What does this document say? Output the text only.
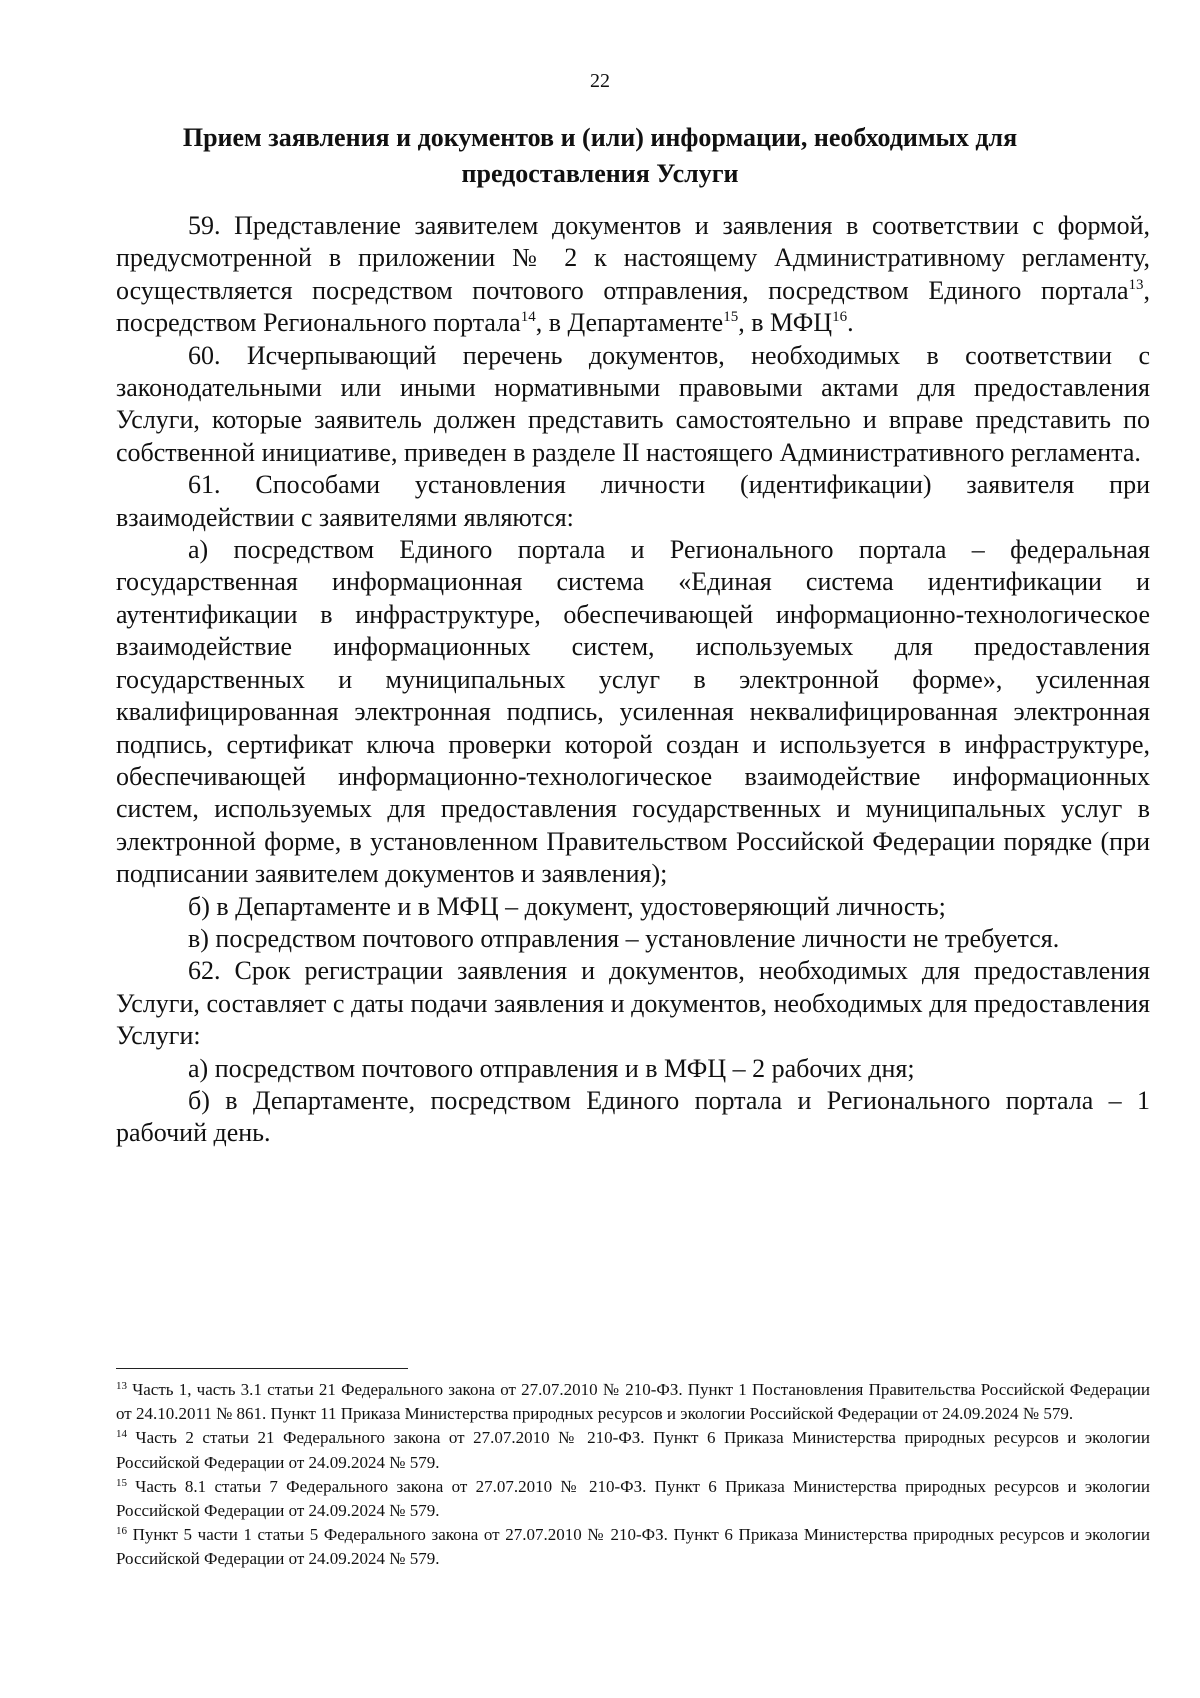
22
Прием заявления и документов и (или) информации, необходимых для
предоставления Услуги

59. Представление заявителем документов и заявления в соответствии с формой, предусмотренной в приложении № 2 к настоящему Административному регламенту, осуществляется посредством почтового отправления, посредством Единого портала$^{13}$, посредством Регионального портала$^{14}$, в Департаменте$^{15}$, в МФЦ$^{16}$.

60. Исчерпывающий перечень документов, необходимых в соответствии с законодательными или иными нормативными правовыми актами для предоставления Услуги, которые заявитель должен представить самостоятельно и вправе представить по собственной инициативе, приведен в разделе II настоящего Административного регламента.

61. Способами установления личности (идентификации) заявителя при взаимодействии с заявителями являются:

а) посредством Единого портала и Регионального портала – федеральная государственная информационная система «Единая система идентификации и аутентификации в инфраструктуре, обеспечивающей информационно-технологическое взаимодействие информационных систем, используемых для предоставления государственных и муниципальных услуг в электронной форме», усиленная квалифицированная электронная подпись, усиленная неквалифицированная электронная подпись, сертификат ключа проверки которой создан и используется в инфраструктуре, обеспечивающей информационно-технологическое взаимодействие информационных систем, используемых для предоставления государственных и муниципальных услуг в электронной форме, в установленном Правительством Российской Федерации порядке (при подписании заявителем документов и заявления);

б) в Департаменте и в МФЦ – документ, удостоверяющий личность;

в) посредством почтового отправления – установление личности не требуется.

62. Срок регистрации заявления и документов, необходимых для предоставления Услуги, составляет с даты подачи заявления и документов, необходимых для предоставления Услуги:

а) посредством почтового отправления и в МФЦ – 2 рабочих дня;

б) в Департаменте, посредством Единого портала и Регионального портала – 1 рабочий день.

$^{13}$ Часть 1, часть 3.1 статьи 21 Федерального закона от 27.07.2010 № 210-ФЗ. Пункт 1 Постановления Правительства Российской Федерации от 24.10.2011 № 861. Пункт 11 Приказа Министерства природных ресурсов и экологии Российской Федерации от 24.09.2024 № 579.

$^{14}$ Часть 2 статьи 21 Федерального закона от 27.07.2010 № 210-ФЗ. Пункт 6 Приказа Министерства природных ресурсов и экологии Российской Федерации от 24.09.2024 № 579.

$^{15}$ Часть 8.1 статьи 7 Федерального закона от 27.07.2010 № 210-ФЗ. Пункт 6 Приказа Министерства природных ресурсов и экологии Российской Федерации от 24.09.2024 № 579.

$^{16}$ Пункт 5 части 1 статьи 5 Федерального закона от 27.07.2010 № 210-ФЗ. Пункт 6 Приказа Министерства природных ресурсов и экологии Российской Федерации от 24.09.2024 № 579.
